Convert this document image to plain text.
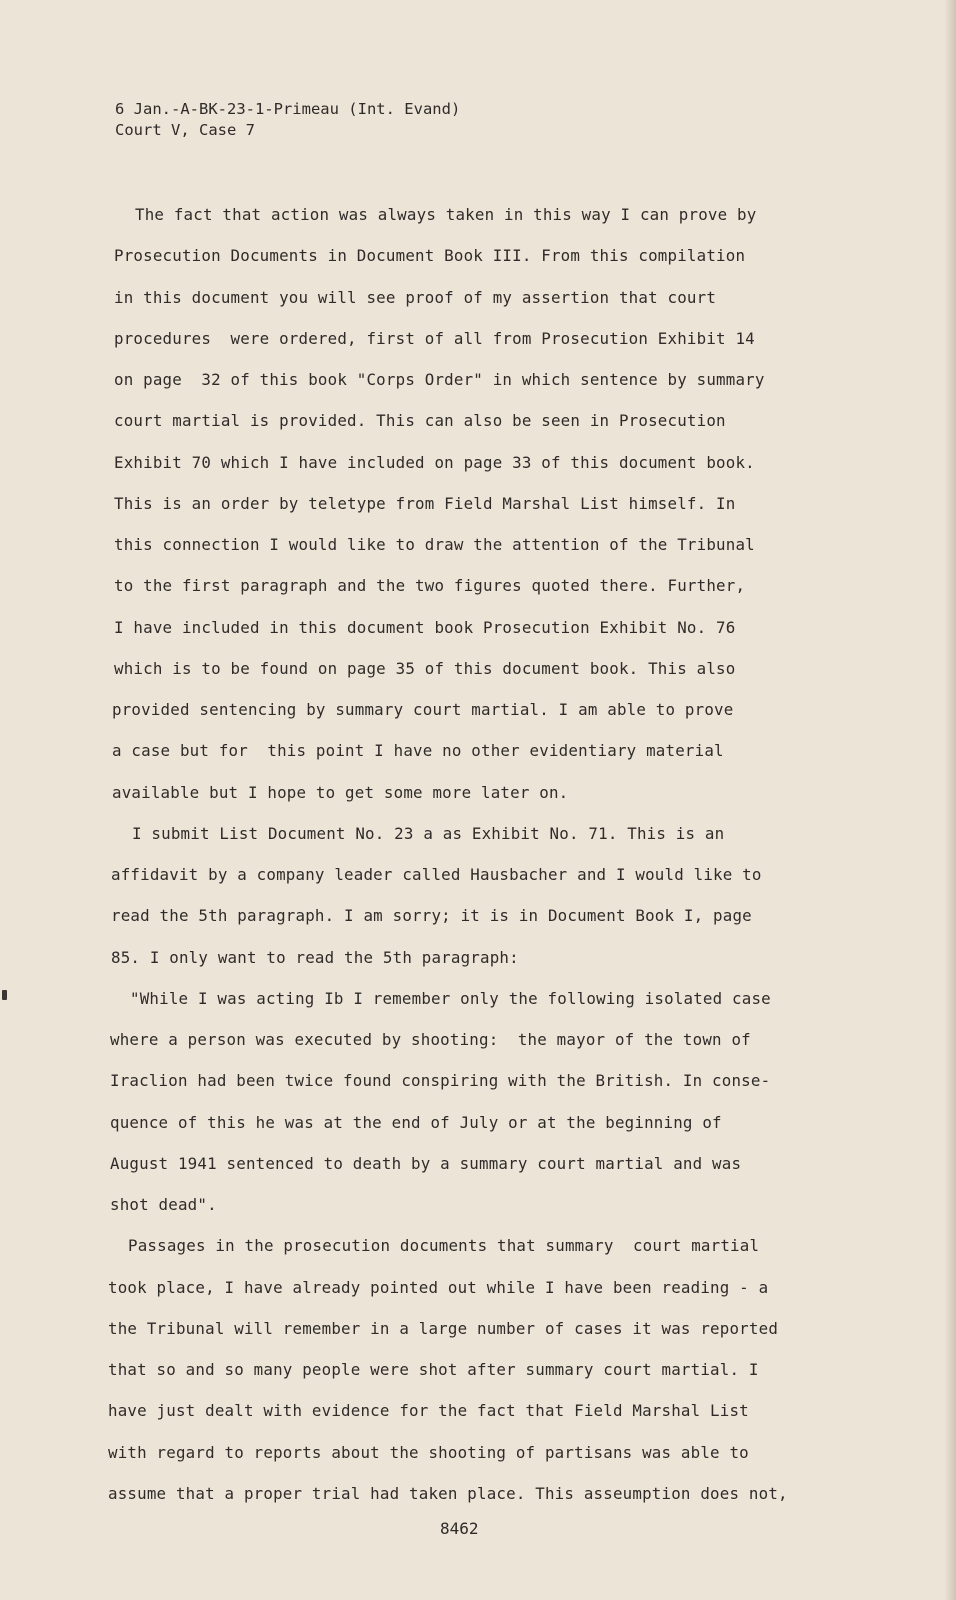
6 Jan.-A-BK-23-1-Primeau (Int. Evand)
Court V, Case 7
The fact that action was always taken in this way I can prove by
Prosecution Documents in Document Book III. From this compilation
in this document you will see proof of my assertion that court
procedures  were ordered, first of all from Prosecution Exhibit 14
on page  32 of this book "Corps Order" in which sentence by summary
court martial is provided. This can also be seen in Prosecution
Exhibit 70 which I have included on page 33 of this document book.
This is an order by teletype from Field Marshal List himself. In
this connection I would like to draw the attention of the Tribunal
to the first paragraph and the two figures quoted there. Further,
I have included in this document book Prosecution Exhibit No. 76
which is to be found on page 35 of this document book. This also
provided sentencing by summary court martial. I am able to prove
a case but for  this point I have no other evidentiary material
available but I hope to get some more later on.
I submit List Document No. 23 a as Exhibit No. 71. This is an
affidavit by a company leader called Hausbacher and I would like to
read the 5th paragraph. I am sorry; it is in Document Book I, page
85. I only want to read the 5th paragraph:
"While I was acting Ib I remember only the following isolated case
where a person was executed by shooting:  the mayor of the town of
Iraclion had been twice found conspiring with the British. In conse-
quence of this he was at the end of July or at the beginning of
August 1941 sentenced to death by a summary court martial and was
shot dead".
Passages in the prosecution documents that summary  court martial
took place, I have already pointed out while I have been reading - a
the Tribunal will remember in a large number of cases it was reported
that so and so many people were shot after summary court martial. I
have just dealt with evidence for the fact that Field Marshal List
with regard to reports about the shooting of partisans was able to
assume that a proper trial had taken place. This asseumption does not,
8462
